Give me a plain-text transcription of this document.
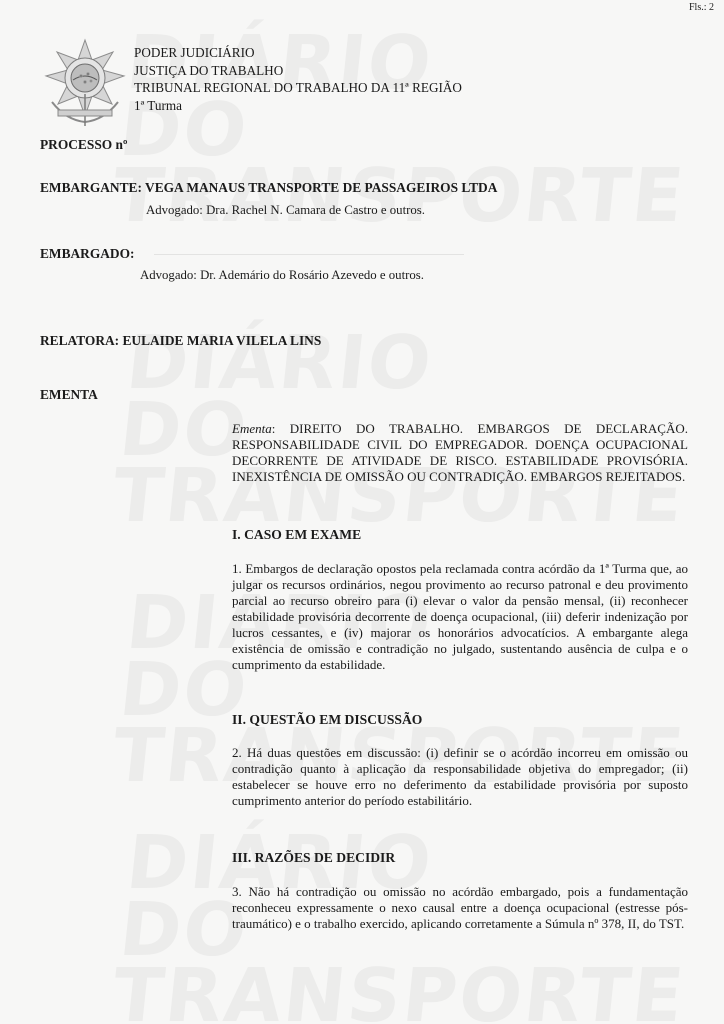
Fls.: 2
PODER JUDICIÁRIO
JUSTIÇA DO TRABALHO
TRIBUNAL REGIONAL DO TRABALHO DA 11ª REGIÃO
1ª Turma
PROCESSO nº
EMBARGANTE: VEGA MANAUS TRANSPORTE DE PASSAGEIROS LTDA
Advogado: Dra. Rachel N. Camara de Castro e outros.
EMBARGADO:
Advogado: Dr. Ademário do Rosário Azevedo e outros.
RELATORA: EULAIDE MARIA VILELA LINS
EMENTA
Ementa: DIREITO DO TRABALHO. EMBARGOS DE DECLARAÇÃO. RESPONSABILIDADE CIVIL DO EMPREGADOR. DOENÇA OCUPACIONAL DECORRENTE DE ATIVIDADE DE RISCO. ESTABILIDADE PROVISÓRIA. INEXISTÊNCIA DE OMISSÃO OU CONTRADIÇÃO. EMBARGOS REJEITADOS.
I. CASO EM EXAME
1. Embargos de declaração opostos pela reclamada contra acórdão da 1ª Turma que, ao julgar os recursos ordinários, negou provimento ao recurso patronal e deu provimento parcial ao recurso obreiro para (i) elevar o valor da pensão mensal, (ii) reconhecer estabilidade provisória decorrente de doença ocupacional, (iii) deferir indenização por lucros cessantes, e (iv) majorar os honorários advocatícios. A embargante alega existência de omissão e contradição no julgado, sustentando ausência de culpa e o cumprimento da estabilidade.
II. QUESTÃO EM DISCUSSÃO
2. Há duas questões em discussão: (i) definir se o acórdão incorreu em omissão ou contradição quanto à aplicação da responsabilidade objetiva do empregador; (ii) estabelecer se houve erro no deferimento da estabilidade provisória por suposto cumprimento anterior do período estabilitário.
III. RAZÕES DE DECIDIR
3. Não há contradição ou omissão no acórdão embargado, pois a fundamentação reconheceu expressamente o nexo causal entre a doença ocupacional (estresse pós-traumático) e o trabalho exercido, aplicando corretamente a Súmula nº 378, II, do TST.
